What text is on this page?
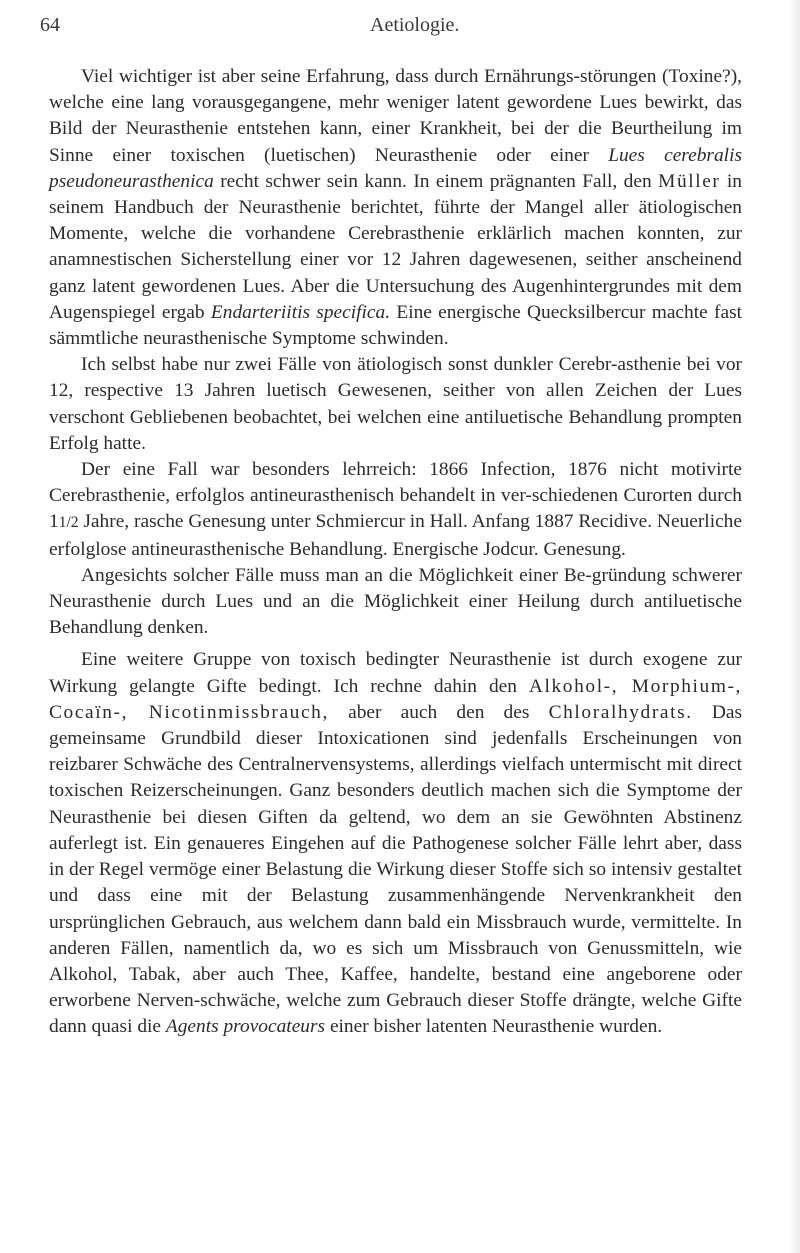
64	Aetiologie.

Viel wichtiger ist aber seine Erfahrung, dass durch Ernährungs-störungen (Toxine?), welche eine lang vorausgegangene, mehr weniger latent gewordene Lues bewirkt, das Bild der Neurasthenie entstehen kann, einer Krankheit, bei der die Beurtheilung im Sinne einer toxischen (luetischen) Neurasthenie oder einer Lues cerebralis pseudoneurasthenica recht schwer sein kann. In einem prägnanten Fall, den Müller in seinem Handbuch der Neurasthenie berichtet, führte der Mangel aller ätiologischen Momente, welche die vorhandene Cerebrasthenie erklärlich machen konnten, zur anamnestischen Sicherstellung einer vor 12 Jahren dagewesenen, seither anscheinend ganz latent gewordenen Lues. Aber die Untersuchung des Augenhintergrundes mit dem Augenspiegel ergab Endarteriitis specifica. Eine energische Quecksilbercur machte fast sämmtliche neurasthenische Symptome schwinden.

Ich selbst habe nur zwei Fälle von ätiologisch sonst dunkler Cerebr-asthenie bei vor 12, respective 13 Jahren luetisch Gewesenen, seither von allen Zeichen der Lues verschont Gebliebenen beobachtet, bei welchen eine antiluetische Behandlung prompten Erfolg hatte.

Der eine Fall war besonders lehrreich: 1866 Infection, 1876 nicht motivirte Cerebrasthenie, erfolglos antineurasthenisch behandelt in ver-schiedenen Curorten durch 11/2 Jahre, rasche Genesung unter Schmiercur in Hall. Anfang 1887 Recidive. Neuerliche erfolglose antineurasthenische Behandlung. Energische Jodcur. Genesung.

Angesichts solcher Fälle muss man an die Möglichkeit einer Be-gründung schwerer Neurasthenie durch Lues und an die Möglichkeit einer Heilung durch antiluetische Behandlung denken.

Eine weitere Gruppe von toxisch bedingter Neurasthenie ist durch exogene zur Wirkung gelangte Gifte bedingt. Ich rechne dahin den Alkohol-, Morphium-, Cocaïn-, Nicotinmissbrauch, aber auch den des Chloralhydrats. Das gemeinsame Grundbild dieser Intoxicationen sind jedenfalls Erscheinungen von reizbarer Schwäche des Centralnervensystems, allerdings vielfach untermischt mit direct toxischen Reizerscheinungen. Ganz besonders deutlich machen sich die Symptome der Neurasthenie bei diesen Giften da geltend, wo dem an sie Gewöhnten Abstinenz auferlegt ist. Ein genaueres Eingehen auf die Pathogenese solcher Fälle lehrt aber, dass in der Regel vermöge einer Belastung die Wirkung dieser Stoffe sich so intensiv gestaltet und dass eine mit der Belastung zusammenhängende Nervenkrankheit den ursprünglichen Gebrauch, aus welchem dann bald ein Missbrauch wurde, vermittelte. In anderen Fällen, namentlich da, wo es sich um Missbrauch von Genussmitteln, wie Alkohol, Tabak, aber auch Thee, Kaffee, handelte, bestand eine angeborene oder erworbene Nerven-schwäche, welche zum Gebrauch dieser Stoffe drängte, welche Gifte dann quasi die Agents provocateurs einer bisher latenten Neurasthenie wurden.
